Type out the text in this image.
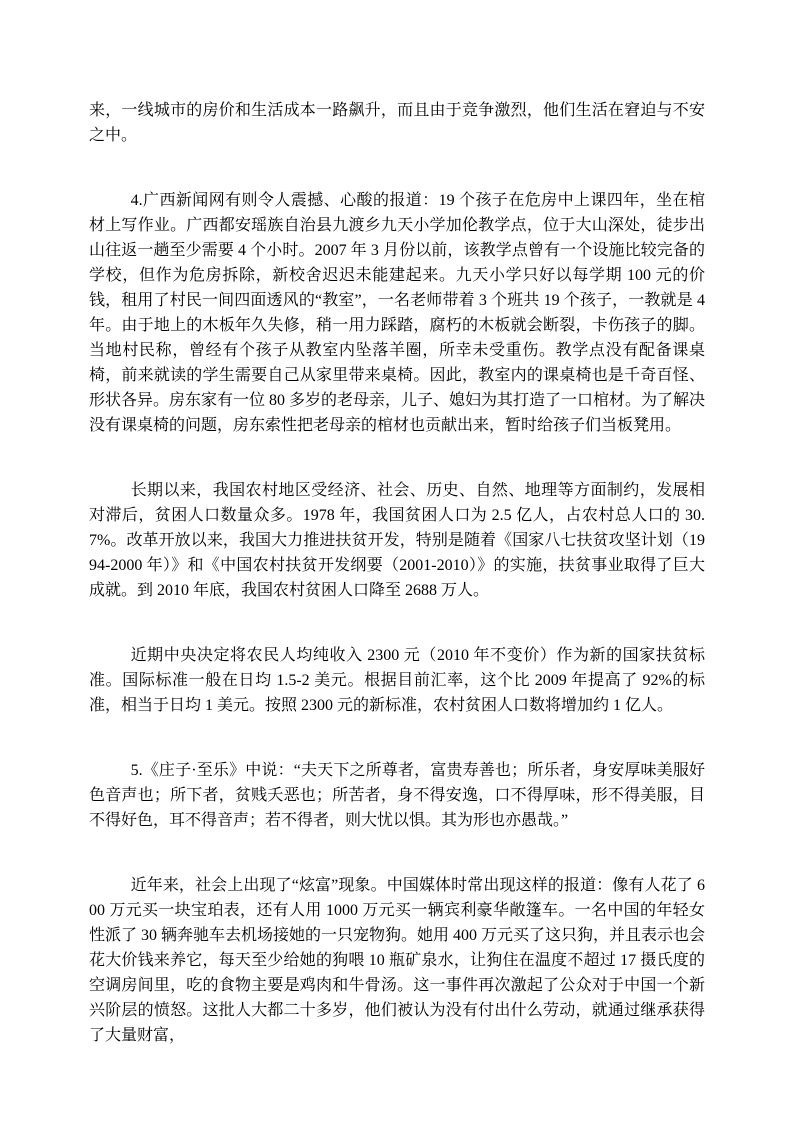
来，一线城市的房价和生活成本一路飙升，而且由于竞争激烈，他们生活在窘迫与不安之中。

4.广西新闻网有则令人震撼、心酸的报道：19 个孩子在危房中上课四年，坐在棺材上写作业。广西都安瑶族自治县九渡乡九天小学加伦教学点，位于大山深处，徒步出山往返一趟至少需要 4 个小时。2007 年 3 月份以前，该教学点曾有一个设施比较完备的学校，但作为危房拆除，新校舍迟迟未能建起来。九天小学只好以每学期 100 元的价钱，租用了村民一间四面透风的“教室”，一名老师带着 3 个班共 19 个孩子，一教就是 4 年。由于地上的木板年久失修，稍一用力踩踏，腐朽的木板就会断裂，卡伤孩子的脚。当地村民称，曾经有个孩子从教室内坠落羊圈，所幸未受重伤。教学点没有配备课桌椅，前来就读的学生需要自己从家里带来桌椅。因此，教室内的课桌椅也是千奇百怪、形状各异。房东家有一位 80 多岁的老母亲，儿子、媳妇为其打造了一口棺材。为了解决没有课桌椅的问题，房东索性把老母亲的棺材也贡献出来，暂时给孩子们当板凳用。

长期以来，我国农村地区受经济、社会、历史、自然、地理等方面制约，发展相对滞后，贫困人口数量众多。1978 年，我国贫困人口为 2.5 亿人，占农村总人口的 30.7%。改革开放以来，我国大力推进扶贫开发，特别是随着《国家八七扶贫攻坚计划（1994-2000 年）》和《中国农村扶贫开发纲要（2001-2010）》的实施，扶贫事业取得了巨大成就。到 2010 年底，我国农村贫困人口降至 2688 万人。

近期中央决定将农民人均纯收入 2300 元（2010 年不变价）作为新的国家扶贫标准。国际标准一般在日均 1.5-2 美元。根据目前汇率，这个比 2009 年提高了 92%的标准，相当于日均 1 美元。按照 2300 元的新标准，农村贫困人口数将增加约 1 亿人。

5.《庄子·至乐》中说：“夫天下之所尊者，富贵寿善也；所乐者，身安厚味美服好色音声也；所下者，贫贱夭恶也；所苦者，身不得安逸，口不得厚味，形不得美服，目不得好色，耳不得音声；若不得者，则大忧以惧。其为形也亦愚哉。”

近年来，社会上出现了“炫富”现象。中国媒体时常出现这样的报道：像有人花了 600 万元买一块宝珀表，还有人用 1000 万元买一辆宾利豪华敞篷车。一名中国的年轻女性派了 30 辆奔驰车去机场接她的一只宠物狗。她用 400 万元买了这只狗，并且表示也会花大价钱来养它，每天至少给她的狗喂 10 瓶矿泉水，让狗住在温度不超过 17 摄氏度的空调房间里，吃的食物主要是鸡肉和牛骨汤。这一事件再次激起了公众对于中国一个新兴阶层的愤怒。这批人大都二十多岁，他们被认为没有付出什么劳动，就通过继承获得了大量财富，
